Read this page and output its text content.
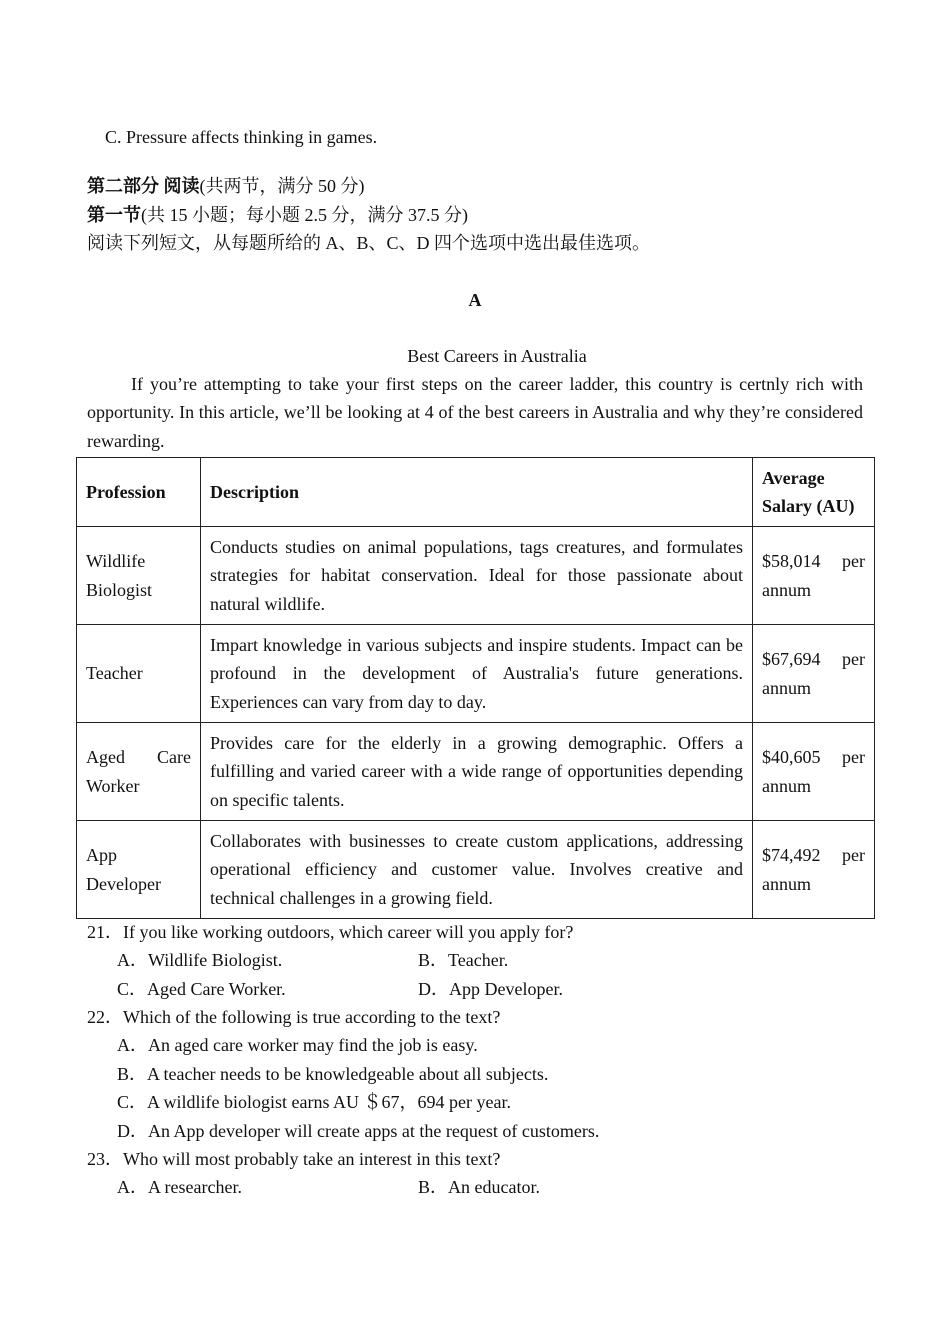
C. Pressure affects thinking in games.
第二部分 阅读(共两节，满分 50 分)
第一节(共 15 小题；每小题 2.5 分，满分 37.5 分)
阅读下列短文，从每题所给的 A、B、C、D 四个选项中选出最佳选项。
A
Best Careers in Australia
If you’re attempting to take your first steps on the career ladder, this country is certnly rich with opportunity. In this article, we’ll be looking at 4 of the best careers in Australia and why they’re considered rewarding.
Profession	Description	Average Salary (AU)
Wildlife Biologist	Conducts studies on animal populations, tags creatures, and formulates strategies for habitat conservation. Ideal for those passionate about natural wildlife.	$58,014 per annum
Teacher	Impart knowledge in various subjects and inspire students. Impact can be profound in the development of Australia's future generations. Experiences can vary from day to day.	$67,694 per annum
Aged Care Worker	Provides care for the elderly in a growing demographic. Offers a fulfilling and varied career with a wide range of opportunities depending on specific talents.	$40,605 per annum
App Developer	Collaborates with businesses to create custom applications, addressing operational efficiency and customer value. Involves creative and technical challenges in a growing field.	$74,492 per annum
21．If you like working outdoors, which career will you apply for?
A．Wildlife Biologist.	B．Teacher.
C．Aged Care Worker.	D．App Developer.
22．Which of the following is true according to the text?
A．An aged care worker may find the job is easy.
B．A teacher needs to be knowledgeable about all subjects.
C．A wildlife biologist earns AU ＄67，694 per year.
D．An App developer will create apps at the request of customers.
23．Who will most probably take an interest in this text?
A．A researcher.	B．An educator.
